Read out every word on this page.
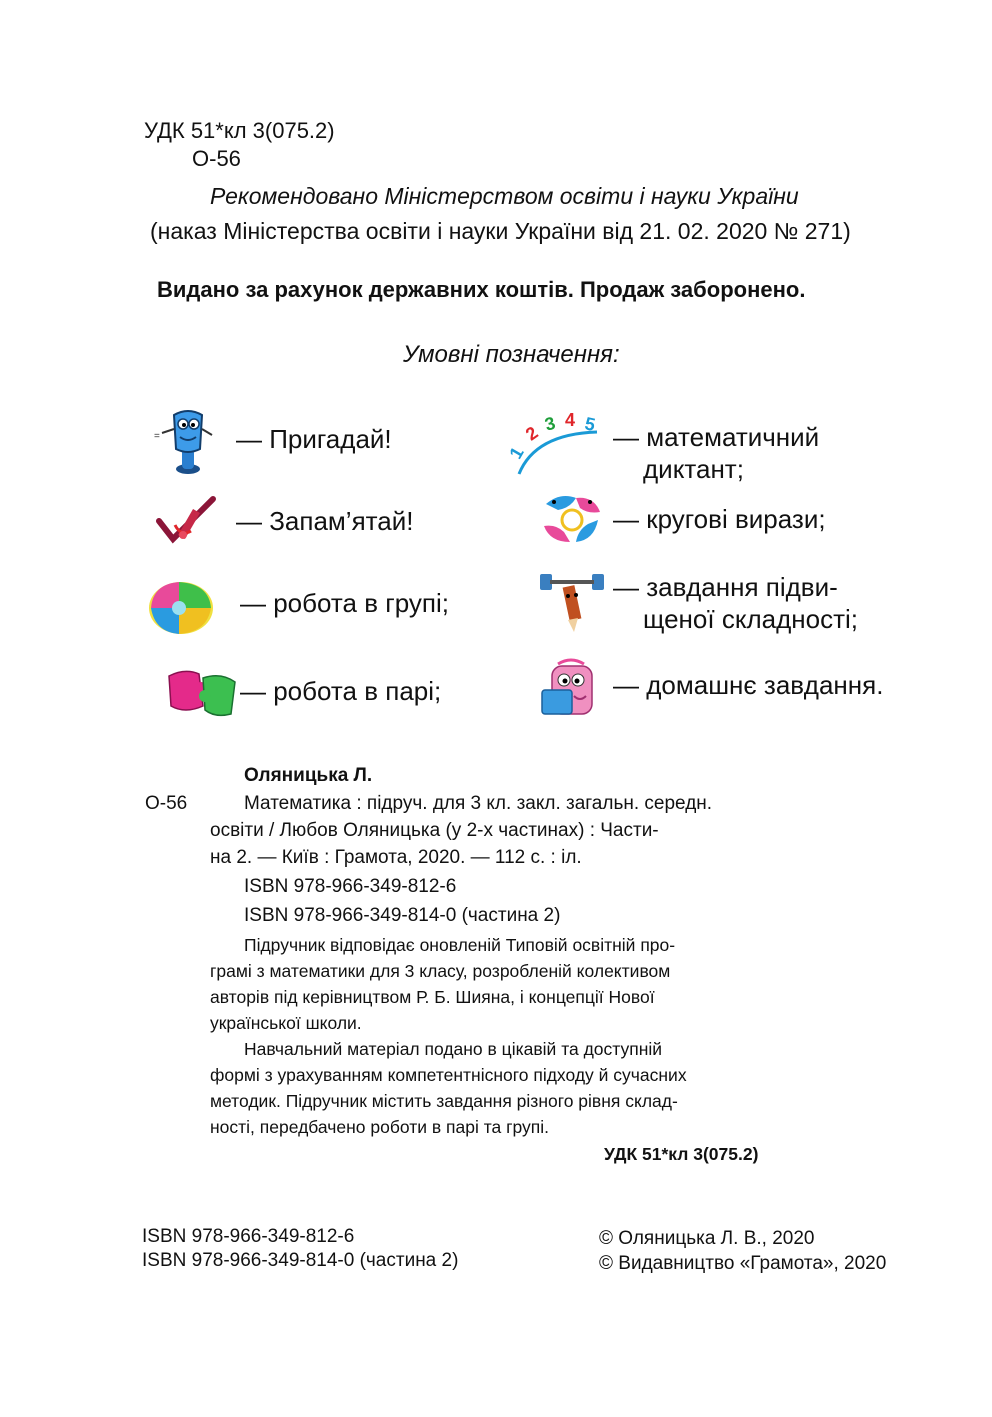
УДК 51*кл 3(075.2)
О-56
Рекомендовано Міністерством освіти і науки України
(наказ Міністерства освіти і науки України від 21. 02. 2020 № 271)
Видано за рахунок державних коштів. Продаж заборонено.
Умовні позначення:
=	— Пригадай!
— Запам’ятай!
— робота в групі;
— робота в парі;
1
2 3 4 5 — математичний
диктант;
— кругові вирази;
— завдання підви-
щеної складності;
— домашнє завдання.
Оляницька Л.
О-56	Математика : підруч. для 3 кл. закл. загальн. середн.
освіти / Любов Оляницька (у 2-х частинах) : Части-
на 2. — Київ : Грамота, 2020. — 112 с. : іл.
ISBN 978-966-349-812-6
ISBN 978-966-349-814-0 (частина 2)
Підручник відповідає оновленій Типовій освітній про-
грамі з математики для 3 класу, розробленій колективом
авторів під керівництвом Р. Б. Шияна, і концепції Нової
української школи.
Навчальний матеріал подано в цікавій та доступній
формі з урахуванням компетентнісного підходу й сучасних
методик. Підручник містить завдання різного рівня склад-
ності, передбачено роботи в парі та групі.
УДК 51*кл 3(075.2)
ISBN 978-966-349-812-6
ISBN 978-966-349-814-0 (частина 2)
© Оляницька Л. В., 2020
© Видавництво «Грамота», 2020
